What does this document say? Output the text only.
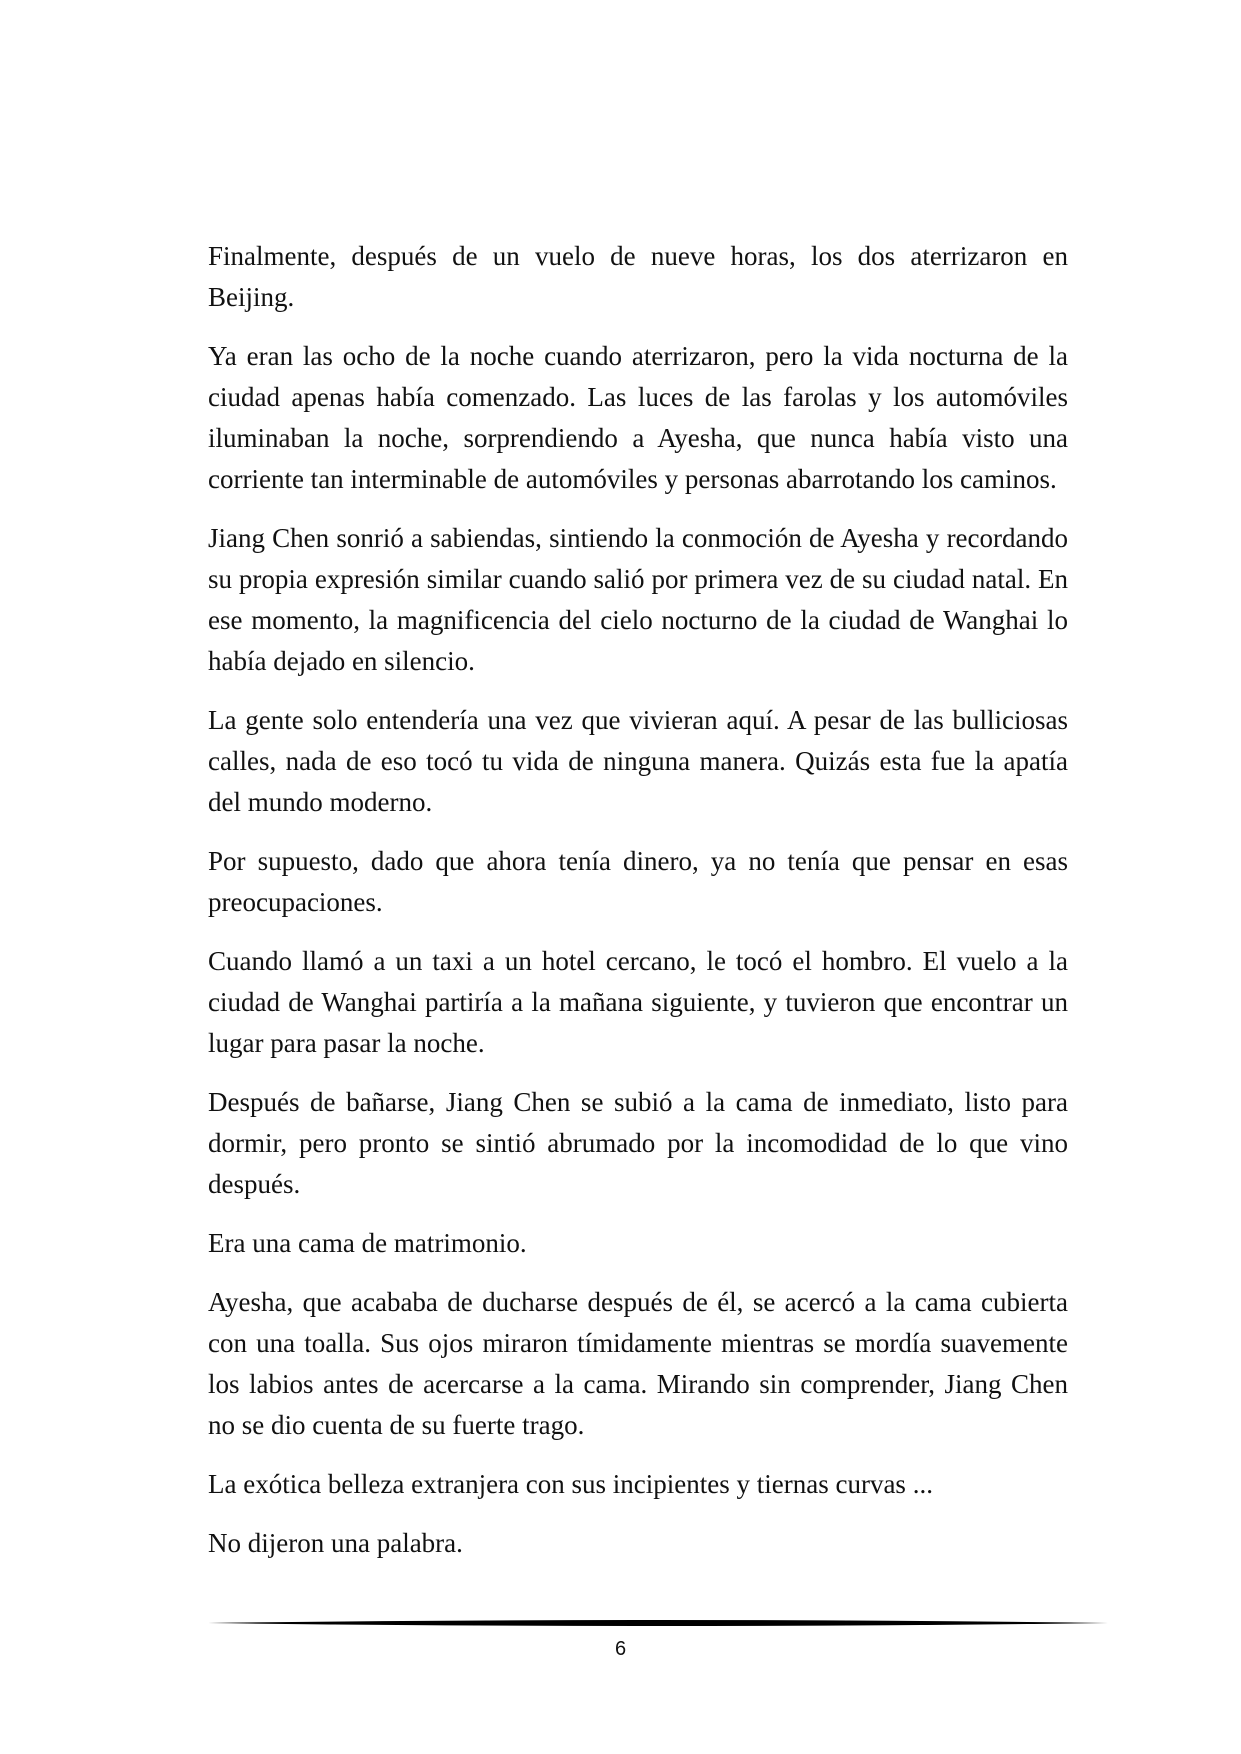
Finalmente, después de un vuelo de nueve horas, los dos aterrizaron en Beijing.

Ya eran las ocho de la noche cuando aterrizaron, pero la vida nocturna de la ciudad apenas había comenzado. Las luces de las farolas y los automóviles iluminaban la noche, sorprendiendo a Ayesha, que nunca había visto una corriente tan interminable de automóviles y personas abarrotando los caminos.

Jiang Chen sonrió a sabiendas, sintiendo la conmoción de Ayesha y recordando su propia expresión similar cuando salió por primera vez de su ciudad natal. En ese momento, la magnificencia del cielo nocturno de la ciudad de Wanghai lo había dejado en silencio.

La gente solo entendería una vez que vivieran aquí. A pesar de las bulliciosas calles, nada de eso tocó tu vida de ninguna manera. Quizás esta fue la apatía del mundo moderno.

Por supuesto, dado que ahora tenía dinero, ya no tenía que pensar en esas preocupaciones.

Cuando llamó a un taxi a un hotel cercano, le tocó el hombro. El vuelo a la ciudad de Wanghai partiría a la mañana siguiente, y tuvieron que encontrar un lugar para pasar la noche.

Después de bañarse, Jiang Chen se subió a la cama de inmediato, listo para dormir, pero pronto se sintió abrumado por la incomodidad de lo que vino después.

Era una cama de matrimonio.

Ayesha, que acababa de ducharse después de él, se acercó a la cama cubierta con una toalla. Sus ojos miraron tímidamente mientras se mordía suavemente los labios antes de acercarse a la cama. Mirando sin comprender, Jiang Chen no se dio cuenta de su fuerte trago.

La exótica belleza extranjera con sus incipientes y tiernas curvas ...

No dijeron una palabra.

6
